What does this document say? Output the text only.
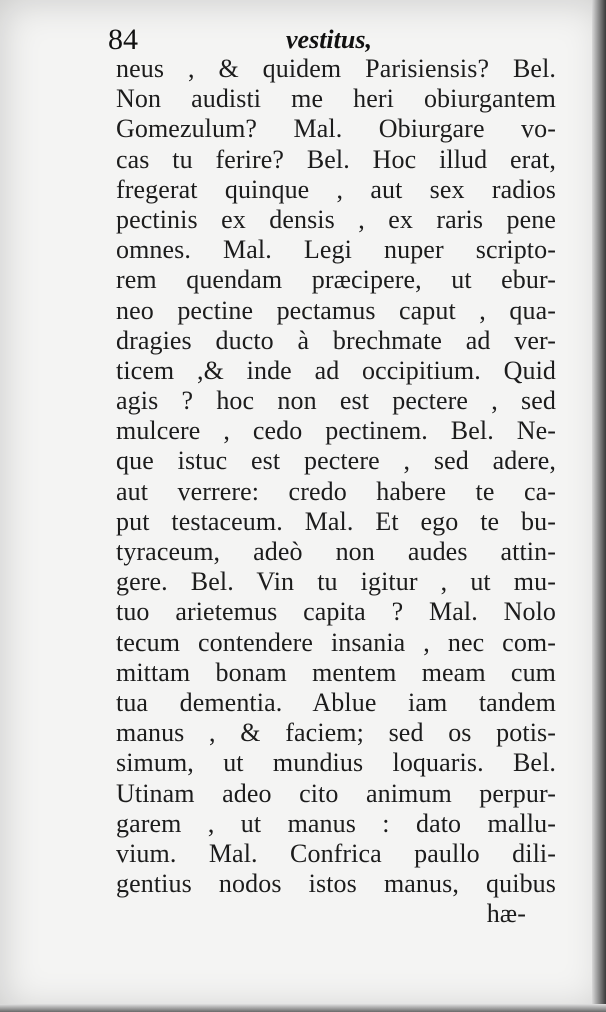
84	vestitus,
neus , & quidem Parisiensis? Bel.
Non audisti me heri obiurgantem
Gomezulum? Mal. Obiurgare vo-
cas tu ferire? Bel. Hoc illud erat,
fregerat quinque , aut sex radios
pectinis ex densis , ex raris pene
omnes. Mal. Legi nuper scripto-
rem quendam præcipere, ut ebur-
neo pectine pectamus caput , qua-
dragies ducto à brechmate ad ver-
ticem ,& inde ad occipitium. Quid
agis ? hoc non est pectere , sed
mulcere , cedo pectinem. Bel. Ne-
que istuc est pectere , sed adere,
aut verrere: credo habere te ca-
put testaceum. Mal. Et ego te bu-
tyraceum, adeò non audes attin-
gere. Bel. Vin tu igitur , ut mu-
tuo arietemus capita ? Mal. Nolo
tecum contendere insania , nec com-
mittam bonam mentem meam cum
tua dementia. Ablue iam tandem
manus , & faciem; sed os potis-
simum, ut mundius loquaris. Bel.
Utinam adeo cito animum perpur-
garem , ut manus : dato mallu-
vium. Mal. Confrica paullo dili-
gentius nodos istos manus, quibus
hæ-
